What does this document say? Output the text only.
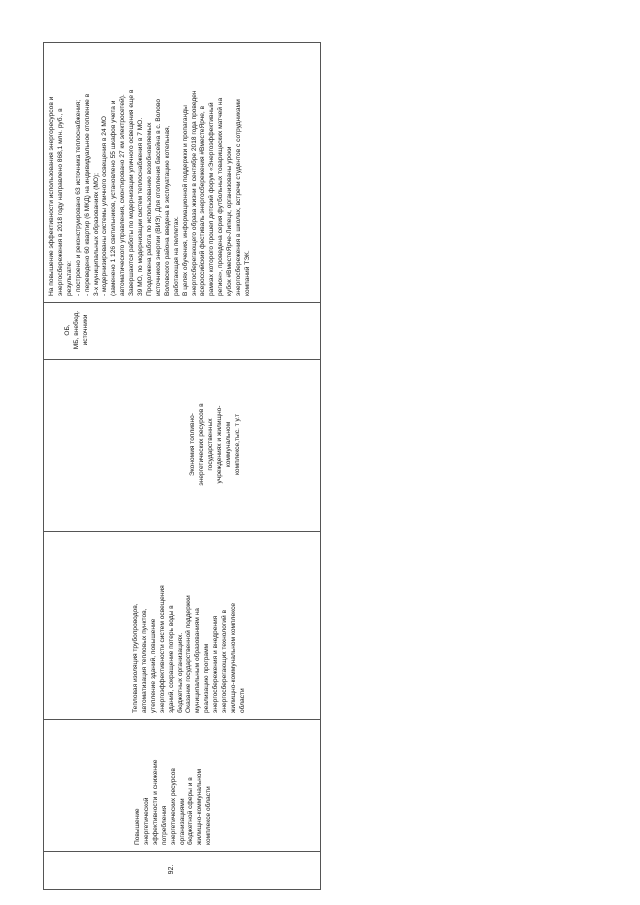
92.
Повышение энергетической эффективности и снижение потребления энергетических ресурсов организациями бюджетной сферы и в жилищно-коммунальном комплексе области
Тепловая изоляция трубопроводов, автоматизация тепловых пунктов, утепление зданий, повышение энергоэффективности систем освещения зданий, сокращение потерь воды в бюджетных организациях. Оказание государственной поддержки муниципальным образованиям на реализацию программ энергосбережения и внедрения энергосберегающих технологий в жилищно-коммунальном комплексе области
Экономия топливно- энергетических ресурсов в государственных учреждениях и жилищно- коммунальном комплексе,тыс. т у.т
ОБ, МБ, внебюд. источники
На повышение эффективности использования энергоресурсов и энергосбережения в 2018 году направлено 868,1 млн. руб., в результате: - построено и реконструировано 63 источника теплоснабжения; - переведено 60 квартир (6 МКД) на индивидуальное отопление в 3-х муниципальных образованиях (МО); - модернизированы системы уличного освещения в 24 МО (заменено 1 126 светильников, установлено 55 шкафов учета и автоматического управления, смонтировано 27 км электросетей). Завершаются работы по модернизации уличного освещения еще в 39 МО, по модернизации систем теплоснабжения в 7 МО. Продолжена работа по использованию возобновляемых источников энергии (ВИЭ). Для отопления бассейна в с. Волово Воловского района введена в эксплуатацию котельная, работающая на пеллетах. В целях обучения, информационной поддержки и пропаганды энергосберегающего образа жизни в сентябре 2018 года проведен всероссийский фестиваль энергосбережения #ВместеЯрче, в рамках которого прошел детский форум «Энергоэффективный регион», проведена серия футбольных товарищеских матчей на кубок #ВместеЯрче-Липецк, организованы уроки энергосбережения в школах, встречи студентов с сотрудниками компаний ТЭК.
